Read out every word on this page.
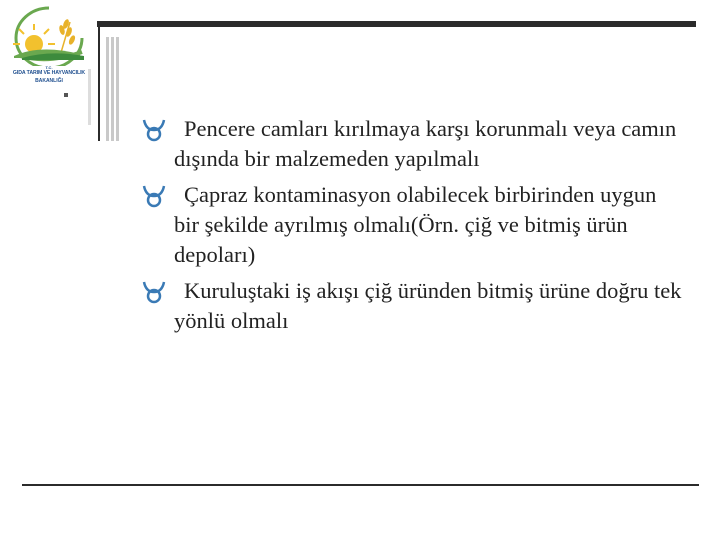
T.C.
GIDA TARIM VE HAYVANCILIK
BAKANLIĞI
Pencere camları kırılmaya karşı korunmalı veya camın dışında bir malzemeden yapılmalı
Çapraz kontaminasyon olabilecek birbirinden uygun bir şekilde ayrılmış olmalı(Örn. çiğ ve bitmiş ürün depoları)
Kuruluştaki iş akışı çiğ üründen bitmiş ürüne doğru tek yönlü olmalı
